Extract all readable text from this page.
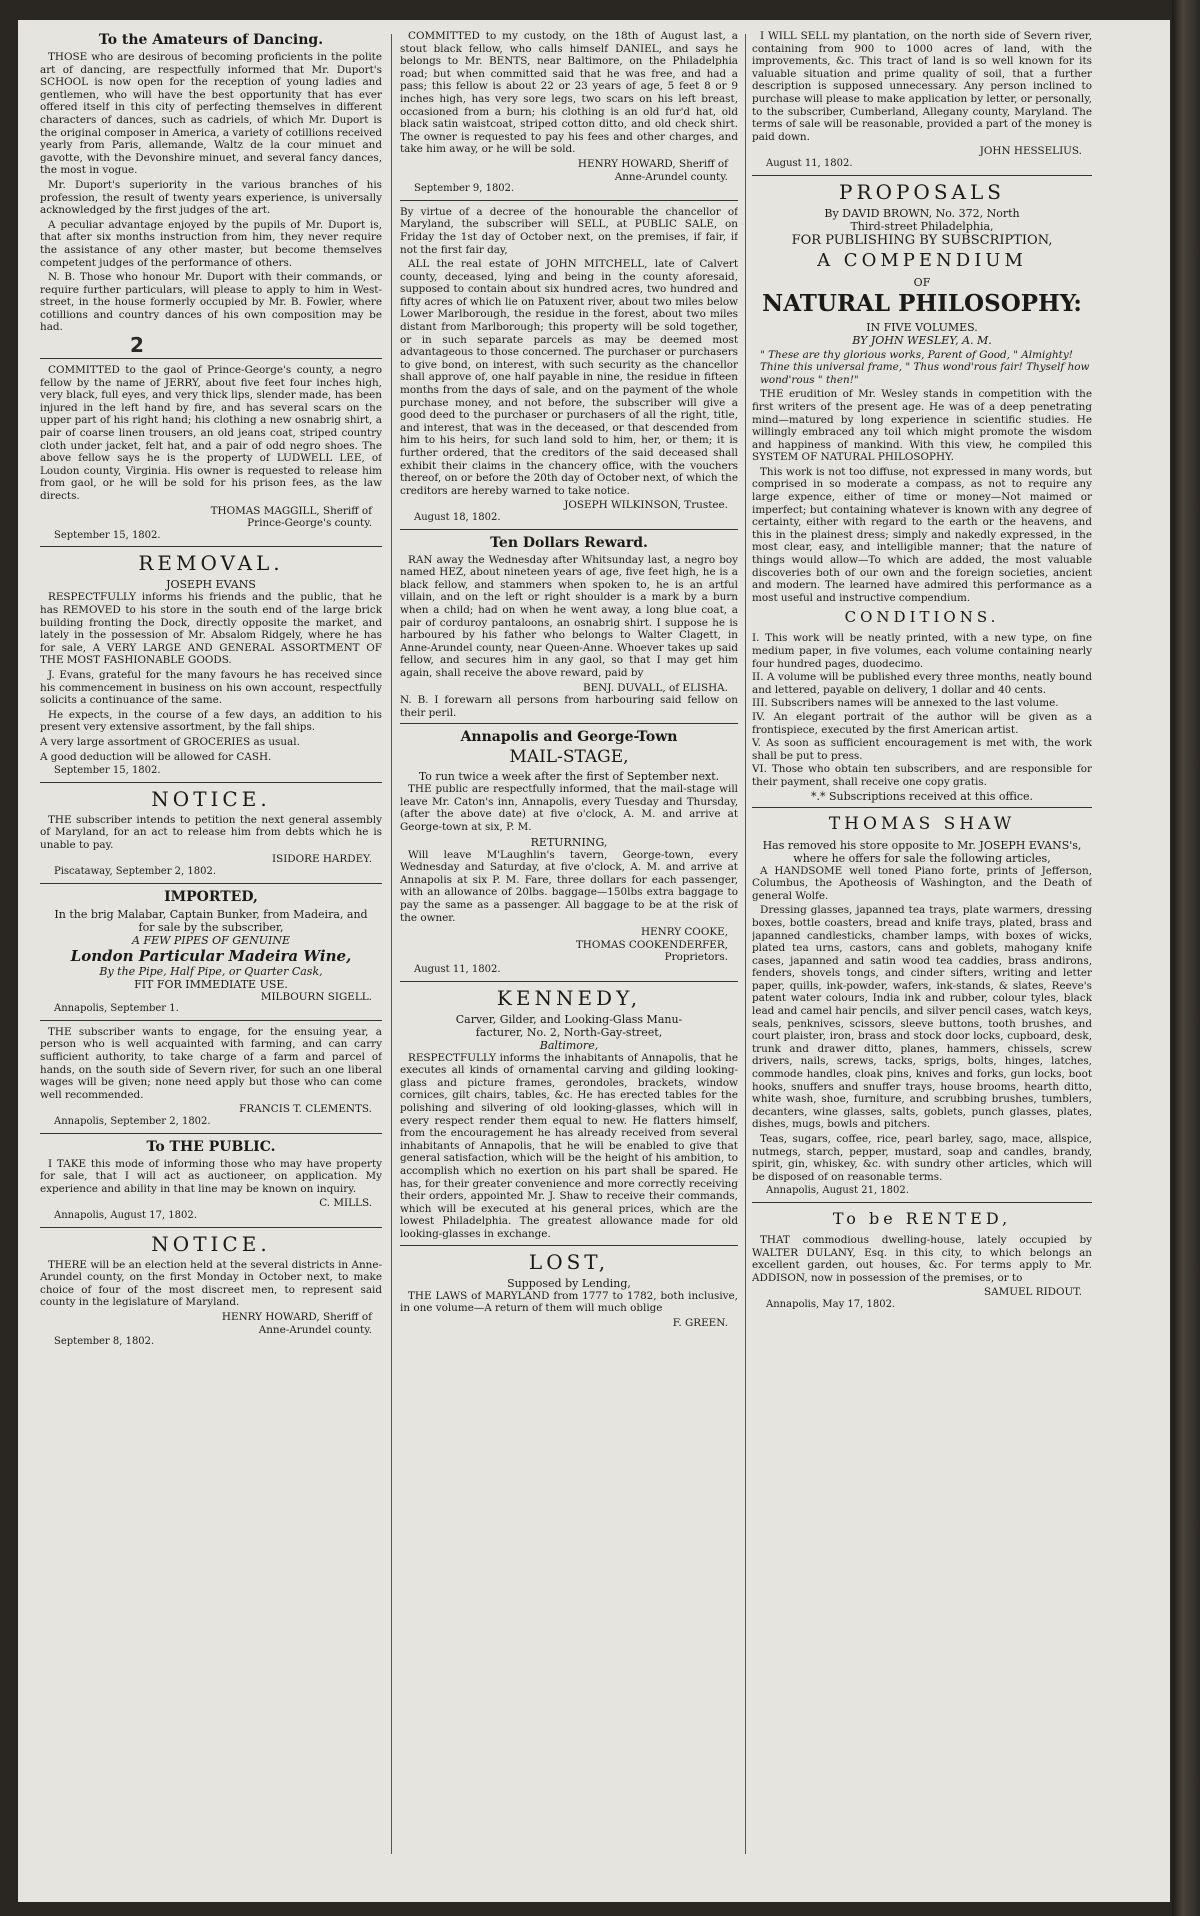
To the Amateurs of Dancing.

THOSE who are desirous of becoming proficients in the polite art of dancing, are respectfully informed that Mr. Duport's SCHOOL is now open for the reception of young ladies and gentlemen, who will have the best opportunity that has ever offered itself in this city of perfecting themselves in different characters of dances, such as cadriels, of which Mr. Duport is the original composer in America, a variety of cotillions received yearly from Paris, allemande, Waltz de la cour minuet and gavotte, with the Devonshire minuet, and several fancy dances, the most in vogue.

Mr. Duport's superiority in the various branches of his profession, the result of twenty years experience, is universally acknowledged by the first judges of the art.

A peculiar advantage enjoyed by the pupils of Mr. Duport is, that after six months instruction from him, they never require the assistance of any other master, but become themselves competent judges of the performance of others.

N. B. Those who honour Mr. Duport with their commands, or require further particulars, will please to apply to him in West-street, in the house formerly occupied by Mr. B. Fowler, where cotillions and country dances of his own composition may be had.

2

COMMITTED to the gaol of Prince-George's county, a negro fellow by the name of JERRY, about five feet four inches high, very black, full eyes, and very thick lips, slender made, has been injured in the left hand by fire, and has several scars on the upper part of his right hand; his clothing a new osnabrig shirt, a pair of coarse linen trousers, an old jeans coat, striped country cloth under jacket, felt hat, and a pair of odd negro shoes. The above fellow says he is the property of LUDWELL LEE, of Loudon county, Virginia. His owner is requested to release him from gaol, or he will be sold for his prison fees, as the law directs.

THOMAS MAGGILL, Sheriff of
Prince-George's county.
September 15, 1802.
REMOVAL.
JOSEPH EVANS

RESPECTFULLY informs his friends and the public, that he has REMOVED to his store in the south end of the large brick building fronting the Dock, directly opposite the market, and lately in the possession of Mr. Absalom Ridgely, where he has for sale, A VERY LARGE AND GENERAL ASSORTMENT OF THE MOST FASHIONABLE GOODS.

J. Evans, grateful for the many favours he has received since his commencement in business on his own account, respectfully solicits a continuance of the same.

He expects, in the course of a few days, an addition to his present very extensive assortment, by the fall ships.

A very large assortment of GROCERIES as usual.

A good deduction will be allowed for CASH.

September 15, 1802.
NOTICE.

THE subscriber intends to petition the next general assembly of Maryland, for an act to release him from debts which he is unable to pay.

ISIDORE HARDEY.
Piscataway, September 2, 1802.
IMPORTED,
In the brig Malabar, Captain Bunker, from Madeira, and
for sale by the subscriber,
A FEW PIPES OF GENUINE
London Particular Madeira Wine,
By the Pipe, Half Pipe, or Quarter Cask,
FIT FOR IMMEDIATE USE.
MILBOURN SIGELL.
Annapolis, September 1.

THE subscriber wants to engage, for the ensuing year, a person who is well acquainted with farming, and can carry sufficient authority, to take charge of a farm and parcel of hands, on the south side of Severn river, for such an one liberal wages will be given; none need apply but those who can come well recommended.

FRANCIS T. CLEMENTS.
Annapolis, September 2, 1802.
To THE PUBLIC.

I TAKE this mode of informing those who may have property for sale, that I will act as auctioneer, on application. My experience and ability in that line may be known on inquiry.

C. MILLS.
Annapolis, August 17, 1802.
NOTICE.

THERE will be an election held at the several districts in Anne-Arundel county, on the first Monday in October next, to make choice of four of the most discreet men, to represent said county in the legislature of Maryland.

HENRY HOWARD, Sheriff of
Anne-Arundel county.
September 8, 1802.

COMMITTED to my custody, on the 18th of August last, a stout black fellow, who calls himself DANIEL, and says he belongs to Mr. BENTS, near Baltimore, on the Philadelphia road; but when committed said that he was free, and had a pass; this fellow is about 22 or 23 years of age, 5 feet 8 or 9 inches high, has very sore legs, two scars on his left breast, occasioned from a burn; his clothing is an old fur'd hat, old black satin waistcoat, striped cotton ditto, and old check shirt. The owner is requested to pay his fees and other charges, and take him away, or he will be sold.

HENRY HOWARD, Sheriff of
Anne-Arundel county.
September 9, 1802.

By virtue of a decree of the honourable the chancellor of Maryland, the subscriber will SELL, at PUBLIC SALE, on Friday the 1st day of October next, on the premises, if fair, if not the first fair day,

ALL the real estate of JOHN MITCHELL, late of Calvert county, deceased, lying and being in the county aforesaid, supposed to contain about six hundred acres, two hundred and fifty acres of which lie on Patuxent river, about two miles below Lower Marlborough, the residue in the forest, about two miles distant from Marlborough; this property will be sold together, or in such separate parcels as may be deemed most advantageous to those concerned. The purchaser or purchasers to give bond, on interest, with such security as the chancellor shall approve of, one half payable in nine, the residue in fifteen months from the days of sale, and on the payment of the whole purchase money, and not before, the subscriber will give a good deed to the purchaser or purchasers of all the right, title, and interest, that was in the deceased, or that descended from him to his heirs, for such land sold to him, her, or them; it is further ordered, that the creditors of the said deceased shall exhibit their claims in the chancery office, with the vouchers thereof, on or before the 20th day of October next, of which the creditors are hereby warned to take notice.

JOSEPH WILKINSON, Trustee.
August 18, 1802.
Ten Dollars Reward.

RAN away the Wednesday after Whitsunday last, a negro boy named HEZ, about nineteen years of age, five feet high, he is a black fellow, and stammers when spoken to, he is an artful villain, and on the left or right shoulder is a mark by a burn when a child; had on when he went away, a long blue coat, a pair of corduroy pantaloons, an osnabrig shirt. I suppose he is harboured by his father who belongs to Walter Clagett, in Anne-Arundel county, near Queen-Anne. Whoever takes up said fellow, and secures him in any gaol, so that I may get him again, shall receive the above reward, paid by

BENJ. DUVALL, of ELISHA.

N. B. I forewarn all persons from harbouring said fellow on their peril.

Annapolis and George-Town
MAIL-STAGE,
To run twice a week after the first of September next.

THE public are respectfully informed, that the mail-stage will leave Mr. Caton's inn, Annapolis, every Tuesday and Thursday, (after the above date) at five o'clock, A. M. and arrive at George-town at six, P. M.

RETURNING,

Will leave M'Laughlin's tavern, George-town, every Wednesday and Saturday, at five o'clock, A. M. and arrive at Annapolis at six P. M. Fare, three dollars for each passenger, with an allowance of 20lbs. baggage—150lbs extra baggage to pay the same as a passenger. All baggage to be at the risk of the owner.

HENRY COOKE,
THOMAS COOKENDERFER,
Proprietors.
August 11, 1802.
KENNEDY,
Carver, Gilder, and Looking-Glass Manu-
facturer, No. 2, North-Gay-street,
Baltimore,

RESPECTFULLY informs the inhabitants of Annapolis, that he executes all kinds of ornamental carving and gilding looking-glass and picture frames, gerondoles, brackets, window cornices, gilt chairs, tables, &c. He has erected tables for the polishing and silvering of old looking-glasses, which will in every respect render them equal to new. He flatters himself, from the encouragement he has already received from several inhabitants of Annapolis, that he will be enabled to give that general satisfaction, which will be the height of his ambition, to accomplish which no exertion on his part shall be spared. He has, for their greater convenience and more correctly receiving their orders, appointed Mr. J. Shaw to receive their commands, which will be executed at his general prices, which are the lowest Philadelphia. The greatest allowance made for old looking-glasses in exchange.

LOST,
Supposed by Lending,

THE LAWS of MARYLAND from 1777 to 1782, both inclusive, in one volume—A return of them will much oblige

F. GREEN.

I WILL SELL my plantation, on the north side of Severn river, containing from 900 to 1000 acres of land, with the improvements, &c. This tract of land is so well known for its valuable situation and prime quality of soil, that a further description is supposed unnecessary. Any person inclined to purchase will please to make application by letter, or personally, to the subscriber, Cumberland, Allegany county, Maryland. The terms of sale will be reasonable, provided a part of the money is paid down.

JOHN HESSELIUS.
August 11, 1802.
PROPOSALS
By DAVID BROWN, No. 372, North
Third-street Philadelphia,
FOR PUBLISHING BY SUBSCRIPTION,
A COMPENDIUM
OF
NATURAL PHILOSOPHY:
IN FIVE VOLUMES.
BY JOHN WESLEY, A. M.

" These are thy glorious works, Parent of Good, " Almighty! Thine this universal frame, " Thus wond'rous fair! Thyself how wond'rous " then!"

THE erudition of Mr. Wesley stands in competition with the first writers of the present age. He was of a deep penetrating mind—matured by long experience in scientific studies. He willingly embraced any toil which might promote the wisdom and happiness of mankind. With this view, he compiled this SYSTEM OF NATURAL PHILOSOPHY.

This work is not too diffuse, not expressed in many words, but comprised in so moderate a compass, as not to require any large expence, either of time or money—Not maimed or imperfect; but containing whatever is known with any degree of certainty, either with regard to the earth or the heavens, and this in the plainest dress; simply and nakedly expressed, in the most clear, easy, and intelligible manner; that the nature of things would allow—To which are added, the most valuable discoveries both of our own and the foreign societies, ancient and modern. The learned have admired this performance as a most useful and instructive compendium.

CONDITIONS.

I. This work will be neatly printed, with a new type, on fine medium paper, in five volumes, each volume containing nearly four hundred pages, duodecimo.

II. A volume will be published every three months, neatly bound and lettered, payable on delivery, 1 dollar and 40 cents.

III. Subscribers names will be annexed to the last volume.

IV. An elegant portrait of the author will be given as a frontispiece, executed by the first American artist.

V. As soon as sufficient encouragement is met with, the work shall be put to press.

VI. Those who obtain ten subscribers, and are responsible for their payment, shall receive one copy gratis.

*.* Subscriptions received at this office.
THOMAS SHAW
Has removed his store opposite to Mr. JOSEPH EVANS's, where he offers for sale the following articles,

A HANDSOME well toned Piano forte, prints of Jefferson, Columbus, the Apotheosis of Washington, and the Death of general Wolfe.

Dressing glasses, japanned tea trays, plate warmers, dressing boxes, bottle coasters, bread and knife trays, plated, brass and japanned candlesticks, chamber lamps, with boxes of wicks, plated tea urns, castors, cans and goblets, mahogany knife cases, japanned and satin wood tea caddies, brass andirons, fenders, shovels tongs, and cinder sifters, writing and letter paper, quills, ink-powder, wafers, ink-stands, & slates, Reeve's patent water colours, India ink and rubber, colour tyles, black lead and camel hair pencils, and silver pencil cases, watch keys, seals, penknives, scissors, sleeve buttons, tooth brushes, and court plaister, iron, brass and stock door locks, cupboard, desk, trunk and drawer ditto, planes, hammers, chissels, screw drivers, nails, screws, tacks, sprigs, bolts, hinges, latches, commode handles, cloak pins, knives and forks, gun locks, boot hooks, snuffers and snuffer trays, house brooms, hearth ditto, white wash, shoe, furniture, and scrubbing brushes, tumblers, decanters, wine glasses, salts, goblets, punch glasses, plates, dishes, mugs, bowls and pitchers.

Teas, sugars, coffee, rice, pearl barley, sago, mace, allspice, nutmegs, starch, pepper, mustard, soap and candles, brandy, spirit, gin, whiskey, &c. with sundry other articles, which will be disposed of on reasonable terms.

Annapolis, August 21, 1802.
To be RENTED,

THAT commodious dwelling-house, lately occupied by WALTER DULANY, Esq. in this city, to which belongs an excellent garden, out houses, &c. For terms apply to Mr. ADDISON, now in possession of the premises, or to

SAMUEL RIDOUT.
Annapolis, May 17, 1802.
